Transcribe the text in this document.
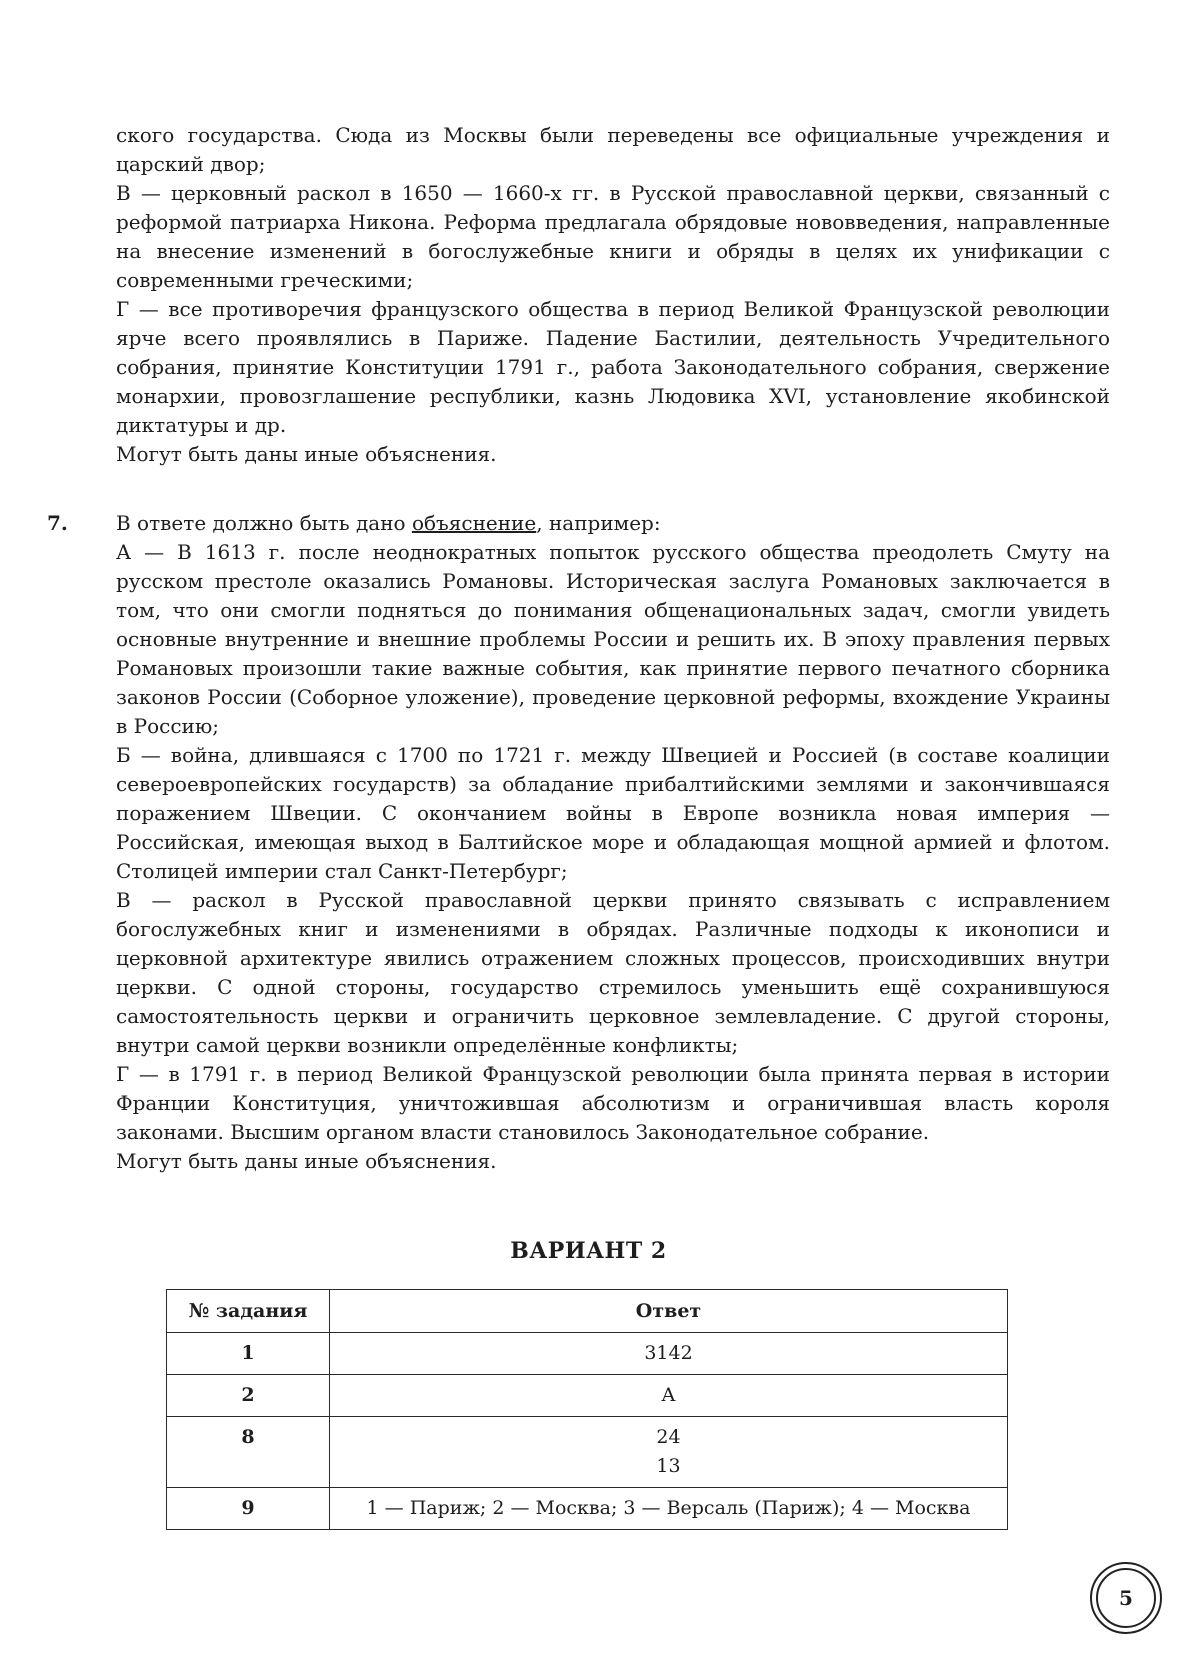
ского государства. Сюда из Москвы были переведены все официальные учреждения и царский двор;

В — церковный раскол в 1650 — 1660-х гг. в Русской православной церкви, связанный с реформой патриарха Никона. Реформа предлагала обрядовые нововведения, направленные на внесение изменений в богослужебные книги и обряды в целях их унификации с современными греческими;

Г — все противоречия французского общества в период Великой Французской революции ярче всего проявлялись в Париже. Падение Бастилии, деятельность Учредительного собрания, принятие Конституции 1791 г., работа Законодательного собрания, свержение монархии, провозглашение республики, казнь Людовика XVI, установление якобинской диктатуры и др.

Могут быть даны иные объяснения.

7. В ответе должно быть дано объяснение, например:

А — В 1613 г. после неоднократных попыток русского общества преодолеть Смуту на русском престоле оказались Романовы. Историческая заслуга Романовых заключается в том, что они смогли подняться до понимания общенациональных задач, смогли увидеть основные внутренние и внешние проблемы России и решить их. В эпоху правления первых Романовых произошли такие важные события, как принятие первого печатного сборника законов России (Соборное уложение), проведение церковной реформы, вхождение Украины в Россию;

Б — война, длившаяся с 1700 по 1721 г. между Швецией и Россией (в составе коалиции североевропейских государств) за обладание прибалтийскими землями и закончившаяся поражением Швеции. С окончанием войны в Европе возникла новая империя — Российская, имеющая выход в Балтийское море и обладающая мощной армией и флотом. Столицей империи стал Санкт-Петербург;

В — раскол в Русской православной церкви принято связывать с исправлением богослужебных книг и изменениями в обрядах. Различные подходы к иконописи и церковной архитектуре явились отражением сложных процессов, происходивших внутри церкви. С одной стороны, государство стремилось уменьшить ещё сохранившуюся самостоятельность церкви и ограничить церковное землевладение. С другой стороны, внутри самой церкви возникли определённые конфликты;

Г — в 1791 г. в период Великой Французской революции была принята первая в истории Франции Конституция, уничтожившая абсолютизм и ограничившая власть короля законами. Высшим органом власти становилось Законодательное собрание.

Могут быть даны иные объяснения.

ВАРИАНТ 2
№ задания	Ответ
1	3142
2	А
8	24
13

9	1 — Париж; 2 — Москва; 3 — Версаль (Париж); 4 — Москва
5
